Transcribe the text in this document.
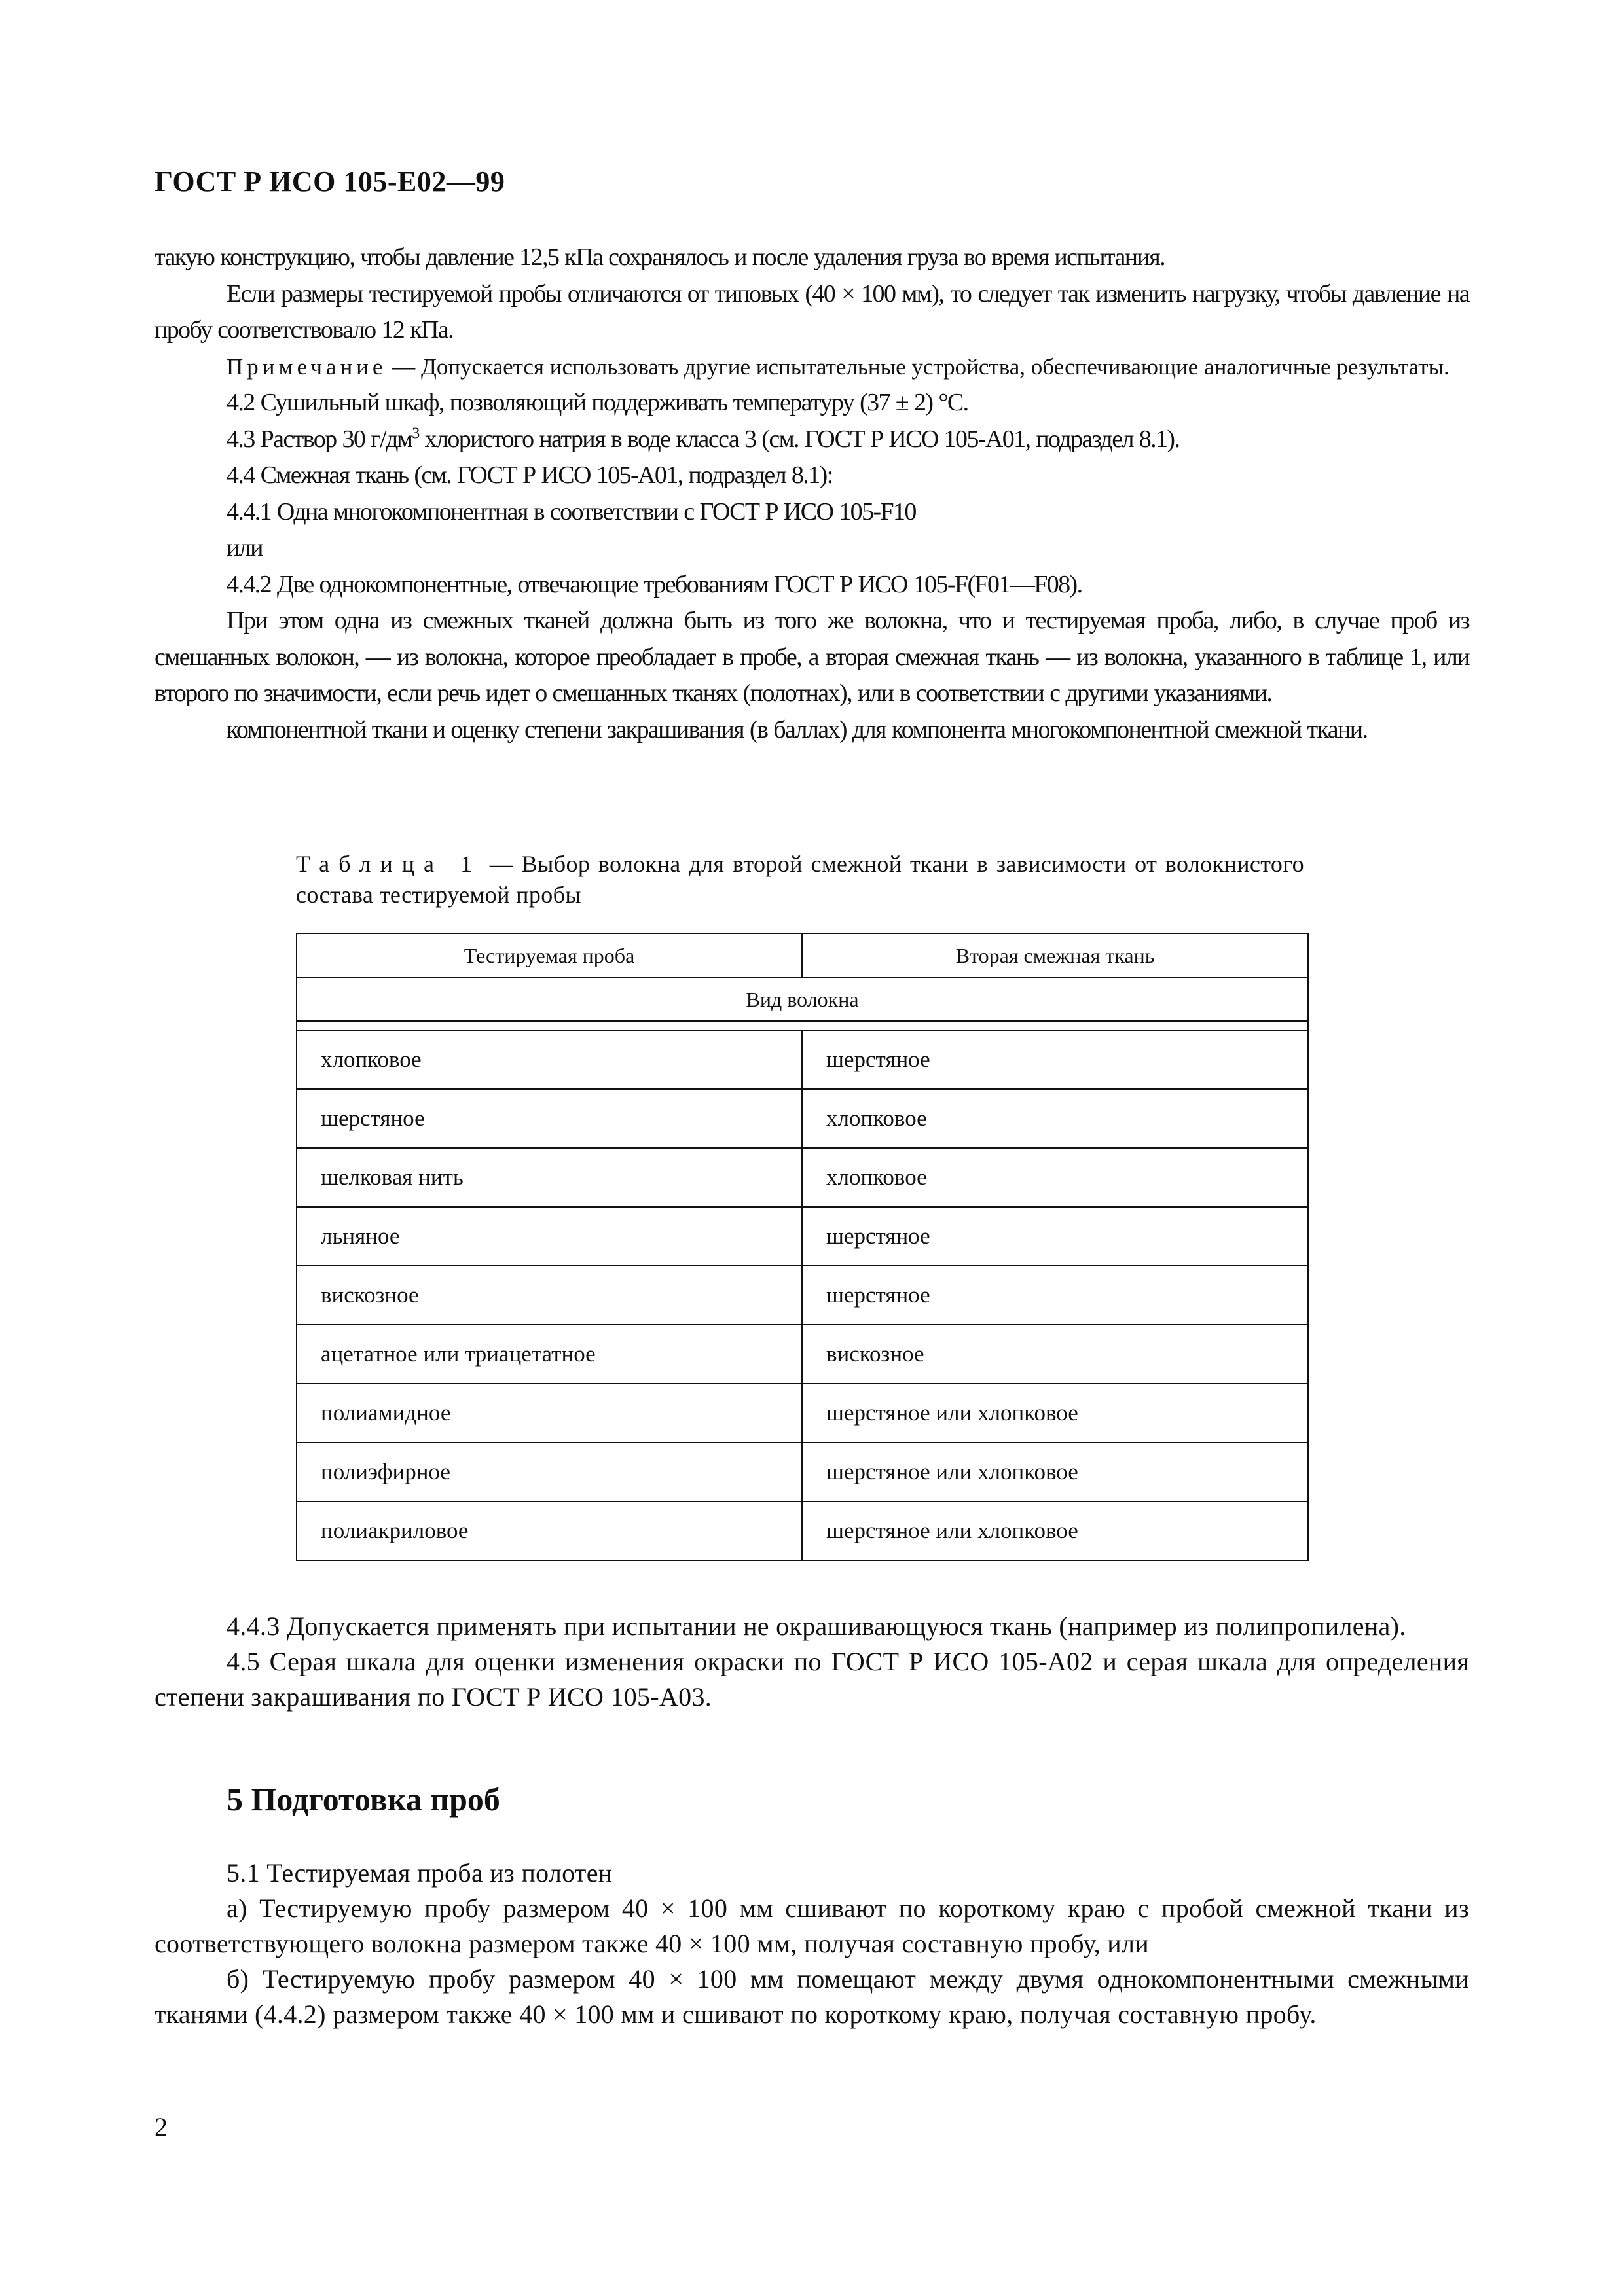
ГОСТ Р ИСО 105-Е02—99

такую конструкцию, чтобы давление 12,5 кПа сохранялось и после удаления груза во время испытания.

Если размеры тестируемой пробы отличаются от типовых (40 × 100 мм), то следует так изменить нагрузку, чтобы давление на пробу соответствовало 12 кПа.

Примечание — Допускается использовать другие испытательные устройства, обеспечивающие аналогичные результаты.

4.2 Сушильный шкаф, позволяющий поддерживать температуру (37 ± 2) °С.

4.3 Раствор 30 $г/дм^3$ хлористого натрия в воде класса 3 (см. ГОСТ Р ИСО 105-А01, подраздел 8.1).

4.4 Смежная ткань (см. ГОСТ Р ИСО 105-А01, подраздел 8.1):

4.4.1 Одна многокомпонентная в соответствии с ГОСТ Р ИСО 105-F10

или

4.4.2 Две однокомпонентные, отвечающие требованиям ГОСТ Р ИСО 105-F(F01—F08).

При этом одна из смежных тканей должна быть из того же волокна, что и тестируемая проба, либо, в случае проб из смешанных волокон, — из волокна, которое преобладает в пробе, а вторая смежная ткань — из волокна, указанного в таблице 1, или второго по значимости, если речь идет о смешанных тканях (полотнах), или в соответствии с другими указаниями.

компонентной ткани и оценку степени закрашивания (в баллах) для компонента многокомпонентной смежной ткани.

Таблица 1 — Выбор волокна для второй смежной ткани в зависимости от волокнистого состава тестируемой пробы
Тестируемая проба	Вторая смежная ткань
Вид волокна	

хлопковое	шерстяное
шерстяное	хлопковое
шелковая нить	хлопковое
льняное	шерстяное
вискозное	шерстяное
ацетатное или триацетатное	вискозное
полиамидное	шерстяное или хлопковое
полиэфирное	шерстяное или хлопковое
полиакриловое	шерстяное или хлопковое

4.4.3 Допускается применять при испытании не окрашивающуюся ткань (например из полипропилена).

4.5 Серая шкала для оценки изменения окраски по ГОСТ Р ИСО 105-А02 и серая шкала для определения степени закрашивания по ГОСТ Р ИСО 105-А03.

5 Подготовка проб

5.1 Тестируемая проба из полотен

а) Тестируемую пробу размером 40 × 100 мм сшивают по короткому краю с пробой смежной ткани из соответствующего волокна размером также 40 × 100 мм, получая составную пробу, или

б) Тестируемую пробу размером 40 × 100 мм помещают между двумя однокомпонентными смежными тканями (4.4.2) размером также 40 × 100 мм и сшивают по короткому краю, получая составную пробу.

2
